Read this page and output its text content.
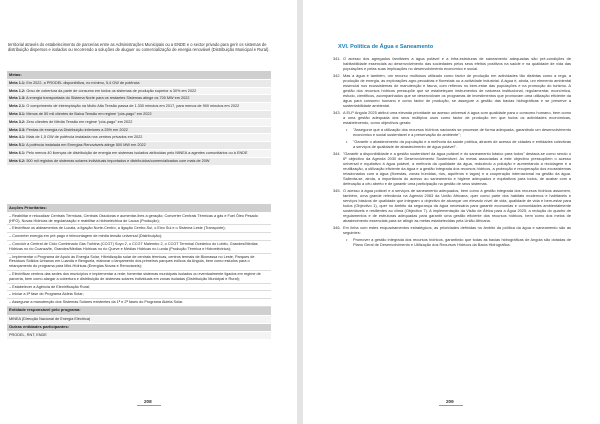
territorial através do estabelecimento de parcerias entre as Administrações Municipais ou a ENDE e o sector privado para gerir os sistemas de distribuição dispersos e isolados ou recorrendo a soluções de aluguer ou comercialização de energia renovável (Distribuição Municipal e Rural).

Metas:
Meta 1.1: Em 2022, a PRODEL disponibiliza, no mínimo, 5,4 GW de potência
Meta 1.2: Grau de cobertura da parte de consumo em todos os sistemas de produção superior a 30% em 2022
Meta 1.3: A energia transportada do Sistema Norte para os restantes Sistemas atinge os 700 MW em 2022
Meta 2.1: O comprimento de interruptação na Muito Alta Tensão passa de 1.330 minutos em 2017, para menos de 900 minutos em 2022
Meta 3.1: Menos de 50 mil clientes de Baixa Tensão em regime "pós-pago" em 2022
Meta 3.2: Zero clientes de Média Tensão em regime "pós-pago" em 2022
Meta 3.3: Perdas de energia na Distribuição inferiores a 25% em 2022
Meta 4.1: Mais de 1,5 GW de potência instalada nos centros privados em 2022
Meta 5.1: A potência instalada em Energias Renováveis atinge 500 MW em 2022
Meta 6.1: Pelo menos 40 licenças de distribuição de energia em sistemas isolados atribuídas pelo MINEA a agentes comunitários ou à ENDE
Meta 6.2: 500 mil registos de sistemas solares individuais importados e distribuídos/comercializados com mais de 20W
Acções Prioritárias:
– Reabilitar e relocalizar Centrais Térmicas, Centrais Ossoloras e aumentar-lhes a geração; Converter Centrais Térmicas a gás e Fuel Óleo Pesado (HFO), Novas Hídricas de regularização e reabilitar a hidroeléctrica de Lauca (Produção);
– Electrificar os aldeamentos de Lucala, a ligação Norte-Centro, a ligação Centro-Sul, o Eixo Sul e o Sistema Leste (Transporte);
– Converter energia em pré-pago e telecontagem de média tensão universal (Distribuição);
– Concluir a Central de Ciclo Combinado Gás Turbina (CCGT) Soyo 2, o CCGT Malembo 2, o CCGT Terminal Oceânico do Lobito, Grandes/Médias Hídricas no rio Cuanza/te, Grandes/Médias Hídricas no rio Queve e Médias Hídricas no Lunda (Produção Térmica e Hidroeléctrica);
– Implementar o Programa de Apoio às Energia Solar, Hibridização solar de centrais térmicas, centros termais de Biomassa no Leste, Parques de Resíduos Sólidos Urbanos em Luanda e Benguela, elaborar o lançamento dos primeiros parques eólicos da Angola, bem como estudos para o relançamento do programa para Mini-Hídricas (Energias Novas e Renováveis);
– Electrificar centros das sedes dos municípios e implementar a rede; fomentar sistemas municipais isolados ou eventualmente ligados em regime de parceria, bem como alargar a cobertura e distribuição de sistemas solares individuais em zonas isoladas (Distribuição Municipal e Rural);
– Estabelecer a Agência de Electrificação Rural;
– Iniciar a 4ª fase do Programa Aldeia Solar;
– Assegurar a manutenção dos Sistemas Solares existentes da 1ª e 2ª fases do Programa Aldeia Solar.
Entidade responsável pelo programa:
MINEA (Direcção Nacional de Energia Eléctrica)
Outras entidades participantes:
PRODEL, RNT, ENDE
208
XVI. Política de Água e Saneamento

341. O acesso dos agregados familiares a água potável e a infra-estruturas de saneamento adequadas são pré-condições de habitabilidade essenciais ao desenvolvimento das sociedades pelos seus efeitos positivos na saúde e na qualidade de vida das populações e pelas suas implicações no desenvolvimento económico e social.

342. Mas a água é também, um recurso multiusos utilizado como factor de produção em actividades tão distintas como a rega, a produção de energia, as explorações agro-pecuárias e florestais ou a actividade industrial. A água é, ainda, um elemento ambiental essencial nos ecossistemas de manutenção e fauna, com reflexos no bem-estar das populações e na promoção do turismo. A gestão dos recursos hídricos pressupõe que se estabeleçam instrumentos de natureza institucional, regulamentar, económica, estudo, cientificos, acompanhados que se desenvolvam os programas de investimentos que promovam uma utilização eficiente da água para consumo humano e como factor de produção, se assegure a gestão das bacias hidrográficas e se preserve a sustentabilidade ambiental.

343. A ELP Angola 2025 atribui uma elevada prioridade ao acesso universal à água com qualidade para o consumo humano, bem como a uma gestão adequada dos seus múltiplos usos como factor de produção em que todos os actividades económicas, estabelecendo, como objectivos gerais:

• "Assegurar que a utilização dos recursos hídricos nacionais se processe de forma adequada, garantindo um desenvolvimento económico e social sustentável e a preservação do ambiente";

• "Garantir o abastecimento da população e a melhoria da saúde pública, através de acesso de cidades e entidades colectivas a serviços de qualidade de abastecimento de água potável".

344. "Garantir a disponibilidade e a gestão sustentável da água potável e do saneamento básico para todos" destaca-se como sendo o 6º objectivo da Agenda 2030 de Desenvolvimento Sustentável. As metas associadas a este objectivo pressupõem o acesso universal e equitativo à água potável, a melhoria da qualidade da água, reduzindo a poluição e aumentando a reciclagem e a reutilização, a utilização eficiente da água e a gestão integrada dos recursos hídricos, a protecção e recuperação dos ecossistemas relacionados com a água (florestas, zonas húmidas, rios, aquíferos e lagos) e a cooperação internacional na gestão da água. Salienta-se, ainda, a importância do acesso ao saneamento e higiene adequados e equitativos para todos, de acabar com a defecação a céu aberto e de garantir uma participação na gestão de seus sistemas.

345. O acesso à água potável e a serviços de saneamento adequados, bem como à gestão integrada dos recursos hídricos assumem, também, uma grande relevância na Agenda 2063 da União Africana, quer como parte dos habitats modernos e habitáveis e serviços básicos de qualidade que integram o objectivo de alcançar um elevado nível de vida, qualidade de vida e bem-estar para todos (Objectivo 1), quer no âmbito da segurança da água necessária para garantir economias e comunidades ambientalmente sustentáveis e resilientes ao clima (Objectivo 7). A implementação da Visão de África para a Água 2025, a redução do quadro de regulamentos e de estruturas adequadas para garantir uma gestão eficiente dos recursos hídricos, bem como dos meios de abastecimento essenciais para se atingir as metas estabelecidas pela União Africana.

346. Em linha com estes enquadramentos estratégicos, as prioridades definidas no âmbito da política da água e saneamento são as seguintes:

• Promover a gestão integrada dos recursos hídricos, garantindo que todas as bacias hidrográficas de Angola são dotadas de Plano Geral de Desenvolvimento e Utilização dos Recursos Hídricos da Bacia Hidrográfica.

209
